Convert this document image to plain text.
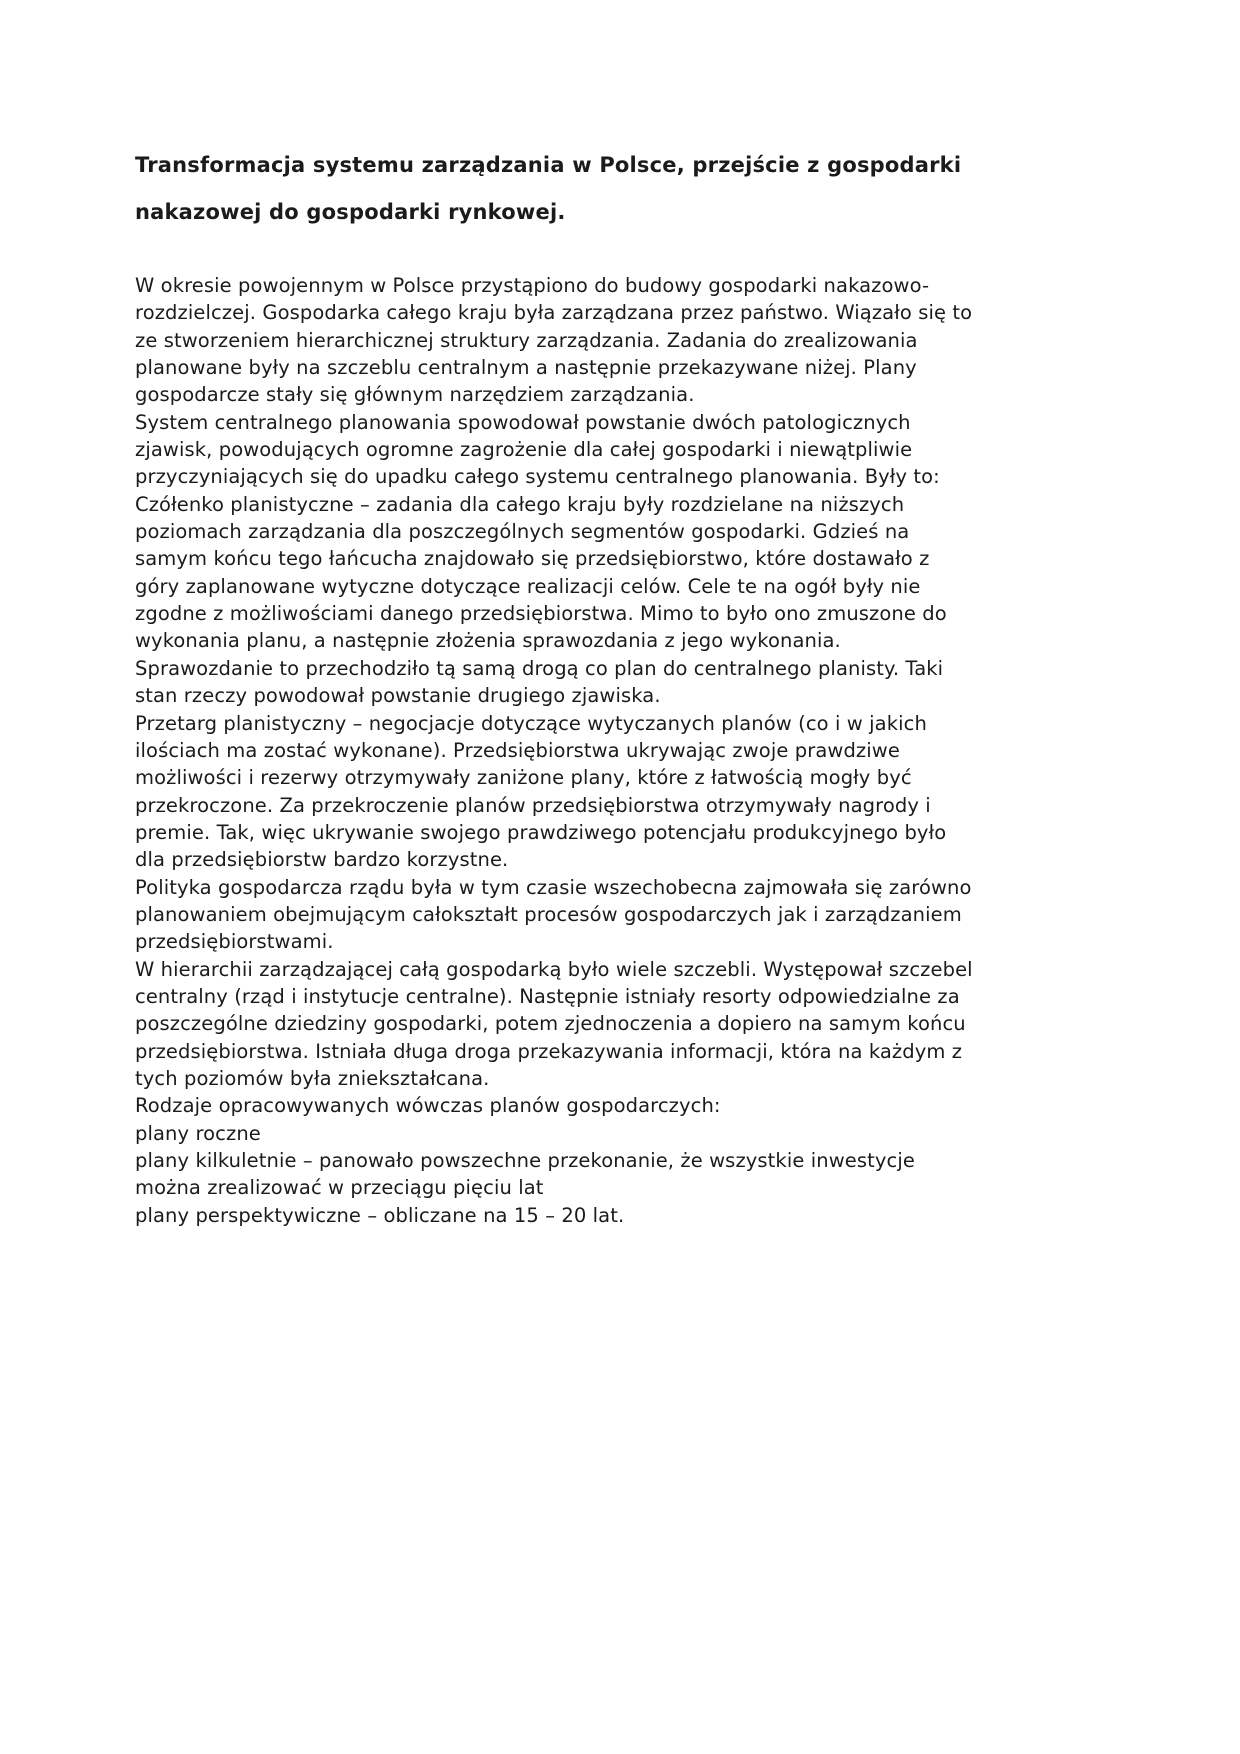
Transformacja systemu zarządzania w Polsce, przejście z gospodarki nakazowej do gospodarki rynkowej.

W okresie powojennym w Polsce przystąpiono do budowy gospodarki nakazowo-rozdzielczej. Gospodarka całego kraju była zarządzana przez państwo. Wiązało się to ze stworzeniem hierarchicznej struktury zarządzania. Zadania do zrealizowania planowane były na szczeblu centralnym a następnie przekazywane niżej. Plany gospodarcze stały się głównym narzędziem zarządzania.

System centralnego planowania spowodował powstanie dwóch patologicznych zjawisk, powodujących ogromne zagrożenie dla całej gospodarki i niewątpliwie przyczyniających się do upadku całego systemu centralnego planowania. Były to:

Czółenko planistyczne – zadania dla całego kraju były rozdzielane na niższych poziomach zarządzania dla poszczególnych segmentów gospodarki. Gdzieś na samym końcu tego łańcucha znajdowało się przedsiębiorstwo, które dostawało z góry zaplanowane wytyczne dotyczące realizacji celów. Cele te na ogół były nie zgodne z możliwościami danego przedsiębiorstwa. Mimo to było ono zmuszone do wykonania planu, a następnie złożenia sprawozdania z jego wykonania. Sprawozdanie to przechodziło tą samą drogą co plan do centralnego planisty. Taki stan rzeczy powodował powstanie drugiego zjawiska.

Przetarg planistyczny – negocjacje dotyczące wytyczanych planów (co i w jakich ilościach ma zostać wykonane). Przedsiębiorstwa ukrywając zwoje prawdziwe możliwości i rezerwy otrzymywały zaniżone plany, które z łatwością mogły być przekroczone. Za przekroczenie planów przedsiębiorstwa otrzymywały nagrody i premie. Tak, więc ukrywanie swojego prawdziwego potencjału produkcyjnego było dla przedsiębiorstw bardzo korzystne.

Polityka gospodarcza rządu była w tym czasie wszechobecna zajmowała się zarówno planowaniem obejmującym całokształt procesów gospodarczych jak i zarządzaniem przedsiębiorstwami.

W hierarchii zarządzającej całą gospodarką było wiele szczebli. Występował szczebel centralny (rząd i instytucje centralne). Następnie istniały resorty odpowiedzialne za poszczególne dziedziny gospodarki, potem zjednoczenia a dopiero na samym końcu przedsiębiorstwa. Istniała długa droga przekazywania informacji, która na każdym z tych poziomów była zniekształcana.

Rodzaje opracowywanych wówczas planów gospodarczych:

plany roczne

plany kilkuletnie – panowało powszechne przekonanie, że wszystkie inwestycje można zrealizować w przeciągu pięciu lat

plany perspektywiczne – obliczane na 15 – 20 lat.
